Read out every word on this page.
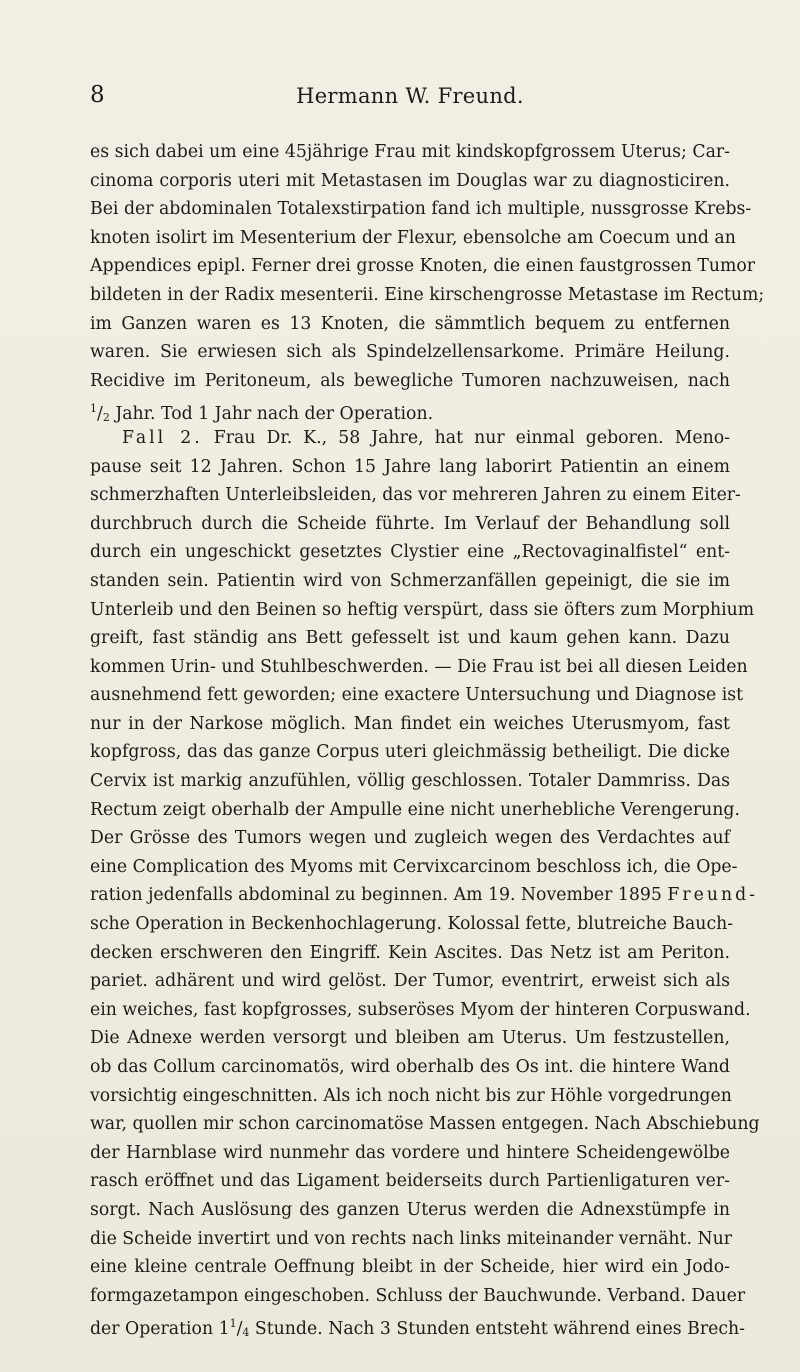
8	Hermann W. Freund.
es sich dabei um eine 45jährige Frau mit kindskopfgrossem Uterus; Car-
cinoma corporis uteri mit Metastasen im Douglas war zu diagnosticiren.
Bei der abdominalen Totalexstirpation fand ich multiple, nussgrosse Krebs-
knoten isolirt im Mesenterium der Flexur, ebensolche am Coecum und an
Appendices epipl. Ferner drei grosse Knoten, die einen faustgrossen Tumor
bildeten in der Radix mesenterii. Eine kirschengrosse Metastase im Rectum;
im Ganzen waren es 13 Knoten, die sämmtlich bequem zu entfernen
waren. Sie erwiesen sich als Spindelzellensarkome. Primäre Heilung.
Recidive im Peritoneum, als bewegliche Tumoren nachzuweisen, nach
$^1$/2 Jahr. Tod 1 Jahr nach der Operation.
Fall 2. Frau Dr. K., 58 Jahre, hat nur einmal geboren. Meno-
pause seit 12 Jahren. Schon 15 Jahre lang laborirt Patientin an einem
schmerzhaften Unterleibsleiden, das vor mehreren Jahren zu einem Eiter-
durchbruch durch die Scheide führte. Im Verlauf der Behandlung soll
durch ein ungeschickt gesetztes Clystier eine „Rectovaginalfistel“ ent-
standen sein. Patientin wird von Schmerzanfällen gepeinigt, die sie im
Unterleib und den Beinen so heftig verspürt, dass sie öfters zum Morphium
greift, fast ständig ans Bett gefesselt ist und kaum gehen kann. Dazu
kommen Urin- und Stuhlbeschwerden. — Die Frau ist bei all diesen Leiden
ausnehmend fett geworden; eine exactere Untersuchung und Diagnose ist
nur in der Narkose möglich. Man findet ein weiches Uterusmyom, fast
kopfgross, das das ganze Corpus uteri gleichmässig betheiligt. Die dicke
Cervix ist markig anzufühlen, völlig geschlossen. Totaler Dammriss. Das
Rectum zeigt oberhalb der Ampulle eine nicht unerhebliche Verengerung.
Der Grösse des Tumors wegen und zugleich wegen des Verdachtes auf
eine Complication des Myoms mit Cervixcarcinom beschloss ich, die Ope-
ration jedenfalls abdominal zu beginnen. Am 19. November 1895 Freund-
sche Operation in Beckenhochlagerung. Kolossal fette, blutreiche Bauch-
decken erschweren den Eingriff. Kein Ascites. Das Netz ist am Periton.
pariet. adhärent und wird gelöst. Der Tumor, eventrirt, erweist sich als
ein weiches, fast kopfgrosses, subseröses Myom der hinteren Corpuswand.
Die Adnexe werden versorgt und bleiben am Uterus. Um festzustellen,
ob das Collum carcinomatös, wird oberhalb des Os int. die hintere Wand
vorsichtig eingeschnitten. Als ich noch nicht bis zur Höhle vorgedrungen
war, quollen mir schon carcinomatöse Massen entgegen. Nach Abschiebung
der Harnblase wird nunmehr das vordere und hintere Scheidengewölbe
rasch eröffnet und das Ligament beiderseits durch Partienligaturen ver-
sorgt. Nach Auslösung des ganzen Uterus werden die Adnexstümpfe in
die Scheide invertirt und von rechts nach links miteinander vernäht. Nur
eine kleine centrale Oeffnung bleibt in der Scheide, hier wird ein Jodo-
formgazetampon eingeschoben. Schluss der Bauchwunde. Verband. Dauer
der Operation $1^1/4$ Stunde. Nach 3 Stunden entsteht während eines Brech-
